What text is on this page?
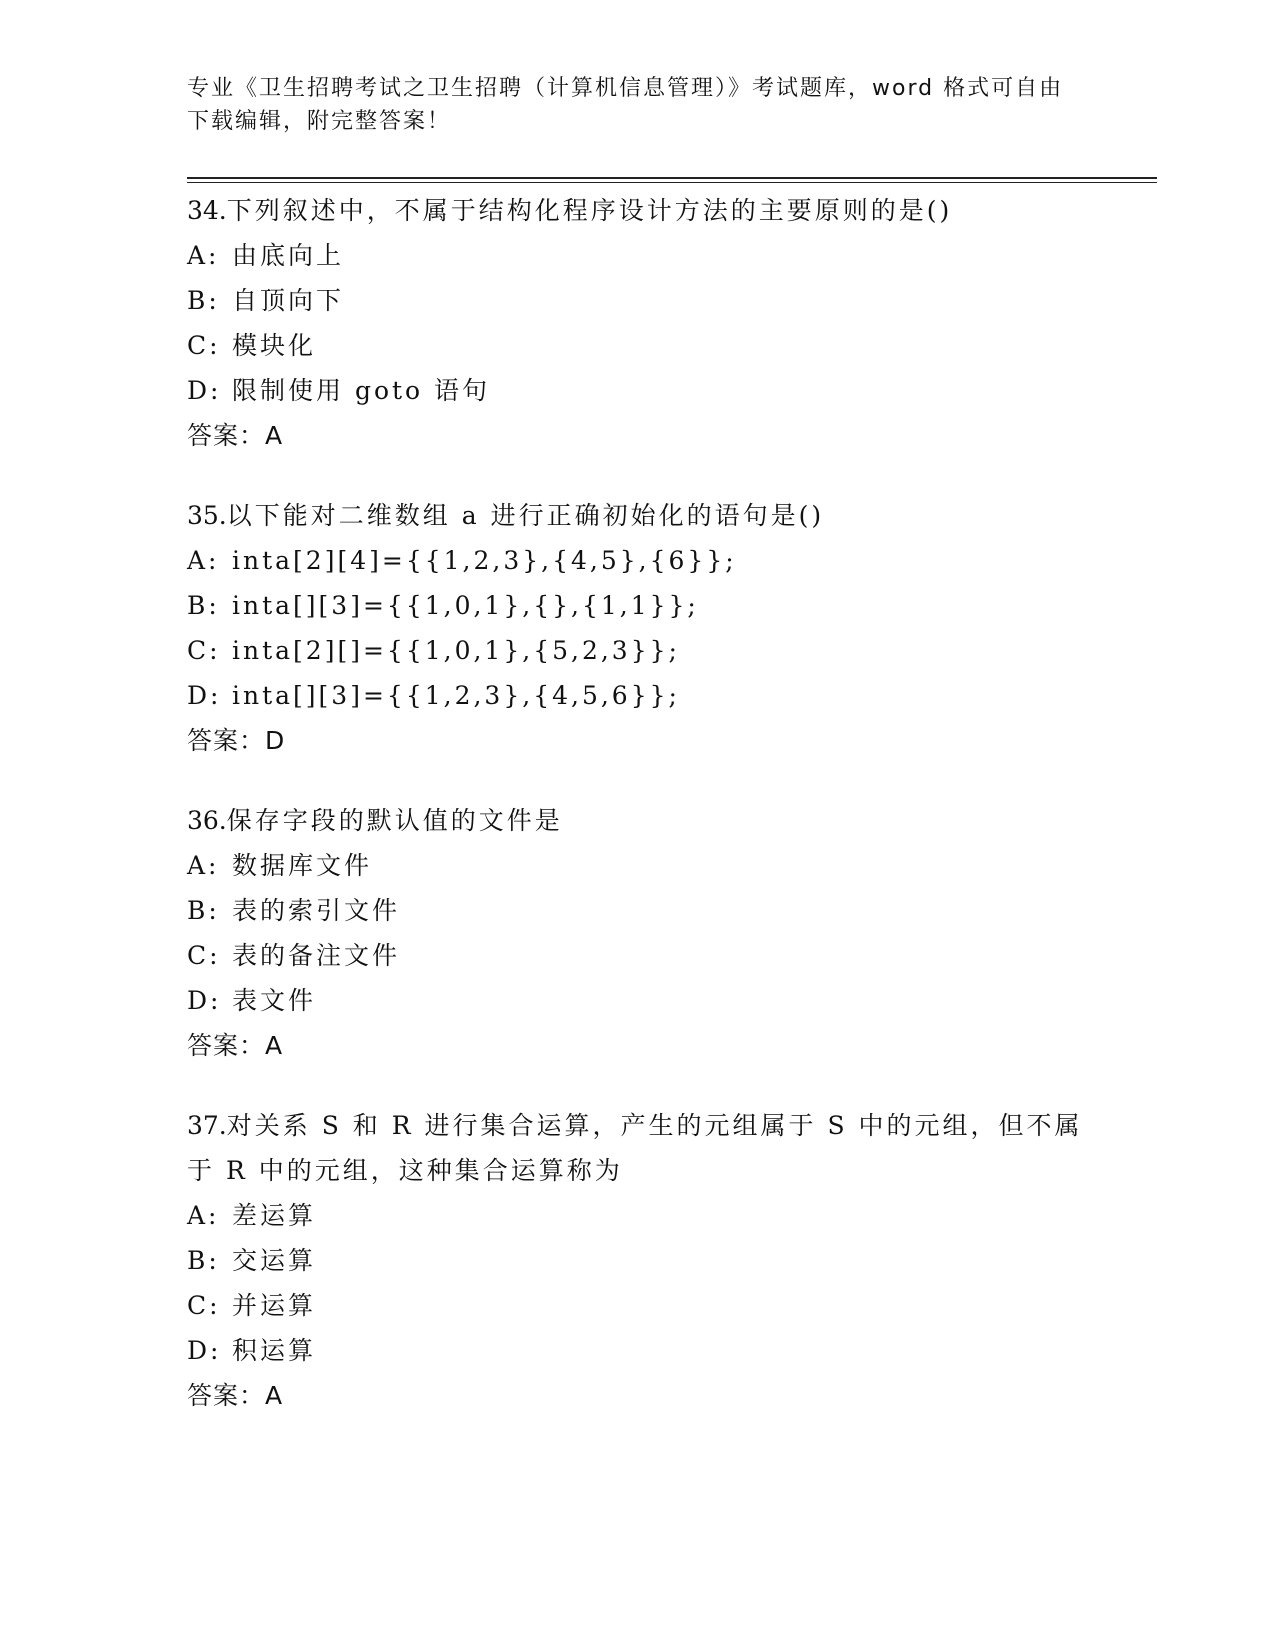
专业《卫生招聘考试之卫生招聘（计算机信息管理）》考试题库，word 格式可自由下载编辑，附完整答案！
34.下列叙述中，不属于结构化程序设计方法的主要原则的是()
A: 由底向上
B: 自顶向下
C: 模块化
D: 限制使用 goto 语句
答案：A
35.以下能对二维数组 a 进行正确初始化的语句是()
A: inta[2][4]={{1,2,3},{4,5},{6}};
B: inta[][3]={{1,0,1},{},{1,1}};
C: inta[2][]={{1,0,1},{5,2,3}};
D: inta[][3]={{1,2,3},{4,5,6}};
答案：D
36.保存字段的默认值的文件是
A: 数据库文件
B: 表的索引文件
C: 表的备注文件
D: 表文件
答案：A
37.对关系 S 和 R 进行集合运算，产生的元组属于 S 中的元组，但不属于 R 中的元组，这种集合运算称为
A: 差运算
B: 交运算
C: 并运算
D: 积运算
答案：A
